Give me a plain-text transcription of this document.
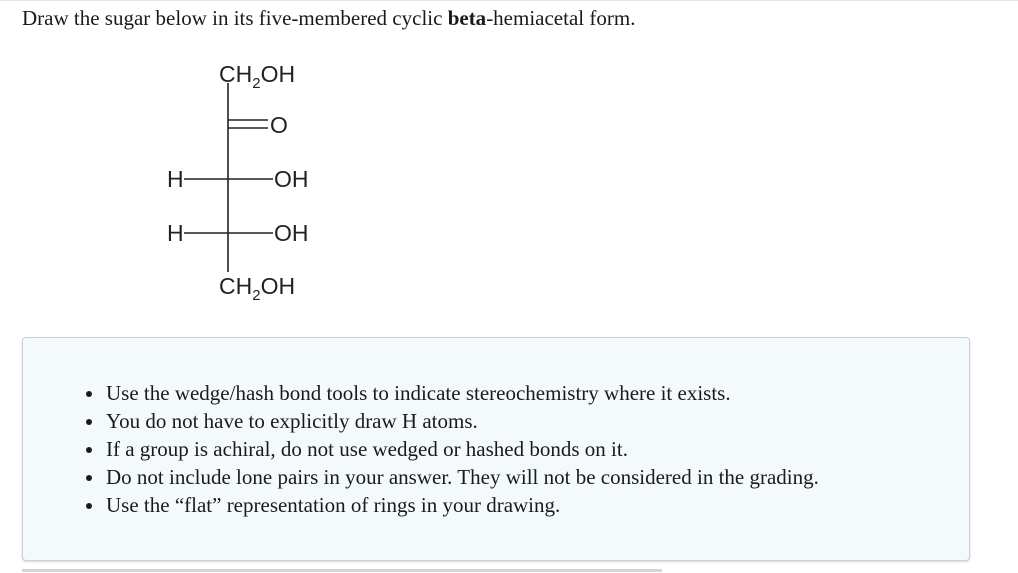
Draw the sugar below in its five-membered cyclic beta-hemiacetal form.
$CH_2OH$
O
H	OH
H	OH
$CH_2OH$
Use the wedge/hash bond tools to indicate stereochemistry where it exists.
You do not have to explicitly draw H atoms.
If a group is achiral, do not use wedged or hashed bonds on it.
Do not include lone pairs in your answer. They will not be considered in the grading.
Use the “flat” representation of rings in your drawing.
